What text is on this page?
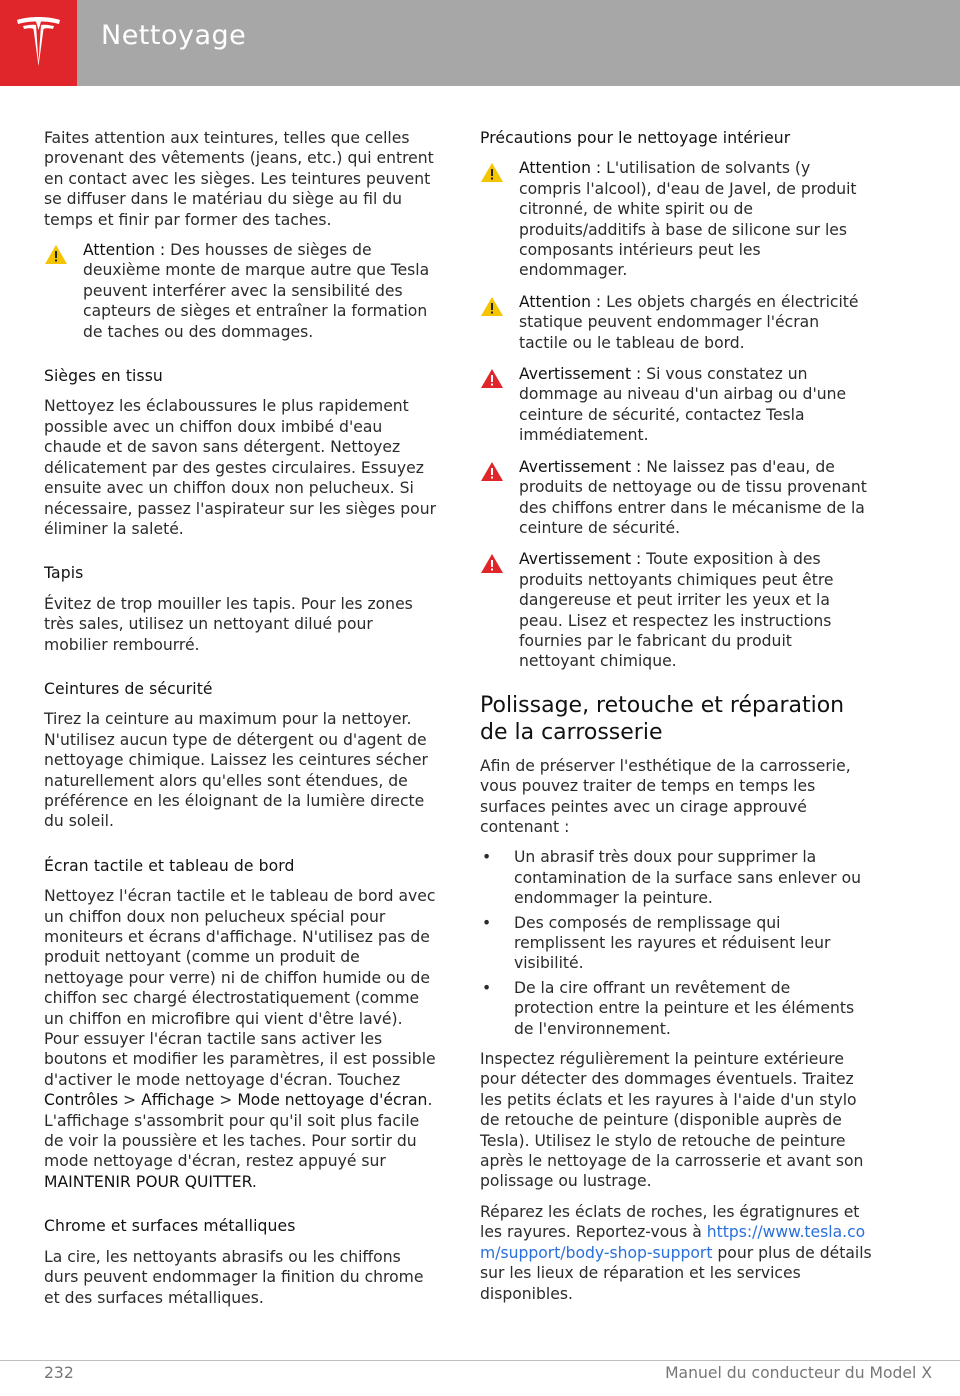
Nettoyage

Faites attention aux teintures, telles que celles provenant des vêtements (jeans, etc.) qui entrent en contact avec les sièges. Les teintures peuvent se diffuser dans le matériau du siège au fil du temps et finir par former des taches.

Attention : Des housses de sièges de deuxième monte de marque autre que Tesla peuvent interférer avec la sensibilité des capteurs de sièges et entraîner la formation de taches ou des dommages.
Sièges en tissu

Nettoyez les éclaboussures le plus rapidement possible avec un chiffon doux imbibé d'eau chaude et de savon sans détergent. Nettoyez délicatement par des gestes circulaires. Essuyez ensuite avec un chiffon doux non pelucheux. Si nécessaire, passez l'aspirateur sur les sièges pour éliminer la saleté.

Tapis

Évitez de trop mouiller les tapis. Pour les zones très sales, utilisez un nettoyant dilué pour mobilier rembourré.

Ceintures de sécurité

Tirez la ceinture au maximum pour la nettoyer. N'utilisez aucun type de détergent ou d'agent de nettoyage chimique. Laissez les ceintures sécher naturellement alors qu'elles sont étendues, de préférence en les éloignant de la lumière directe du soleil.

Écran tactile et tableau de bord

Nettoyez l'écran tactile et le tableau de bord avec un chiffon doux non pelucheux spécial pour moniteurs et écrans d'affichage. N'utilisez pas de produit nettoyant (comme un produit de nettoyage pour verre) ni de chiffon humide ou de chiffon sec chargé électrostatiquement (comme un chiffon en microfibre qui vient d'être lavé). Pour essuyer l'écran tactile sans activer les boutons et modifier les paramètres, il est possible d'activer le mode nettoyage d'écran. Touchez Contrôles > Affichage > Mode nettoyage d'écran. L'affichage s'assombrit pour qu'il soit plus facile de voir la poussière et les taches. Pour sortir du mode nettoyage d'écran, restez appuyé sur MAINTENIR POUR QUITTER.

Chrome et surfaces métalliques

La cire, les nettoyants abrasifs ou les chiffons durs peuvent endommager la finition du chrome et des surfaces métalliques.

Précautions pour le nettoyage intérieur
Attention : L'utilisation de solvants (y compris l'alcool), d'eau de Javel, de produit citronné, de white spirit ou de produits/additifs à base de silicone sur les composants intérieurs peut les endommager.
Attention : Les objets chargés en électricité statique peuvent endommager l'écran tactile ou le tableau de bord.
Avertissement : Si vous constatez un dommage au niveau d'un airbag ou d'une ceinture de sécurité, contactez Tesla immédiatement.
Avertissement : Ne laissez pas d'eau, de produits de nettoyage ou de tissu provenant des chiffons entrer dans le mécanisme de la ceinture de sécurité.
Avertissement : Toute exposition à des produits nettoyants chimiques peut être dangereuse et peut irriter les yeux et la peau. Lisez et respectez les instructions fournies par le fabricant du produit nettoyant chimique.
Polissage, retouche et réparation de la carrosserie

Afin de préserver l'esthétique de la carrosserie, vous pouvez traiter de temps en temps les surfaces peintes avec un cirage approuvé contenant :

• Un abrasif très doux pour supprimer la contamination de la surface sans enlever ou endommager la peinture.
• Des composés de remplissage qui remplissent les rayures et réduisent leur visibilité.
• De la cire offrant un revêtement de protection entre la peinture et les éléments de l'environnement.

Inspectez régulièrement la peinture extérieure pour détecter des dommages éventuels. Traitez les petits éclats et les rayures à l'aide d'un stylo de retouche de peinture (disponible auprès de Tesla). Utilisez le stylo de retouche de peinture après le nettoyage de la carrosserie et avant son polissage ou lustrage.

Réparez les éclats de roches, les égratignures et les rayures. Reportez-vous à https://www.tesla.com/support/body-shop-support pour plus de détails sur les lieux de réparation et les services disponibles.

232	Manuel du conducteur du Model X
